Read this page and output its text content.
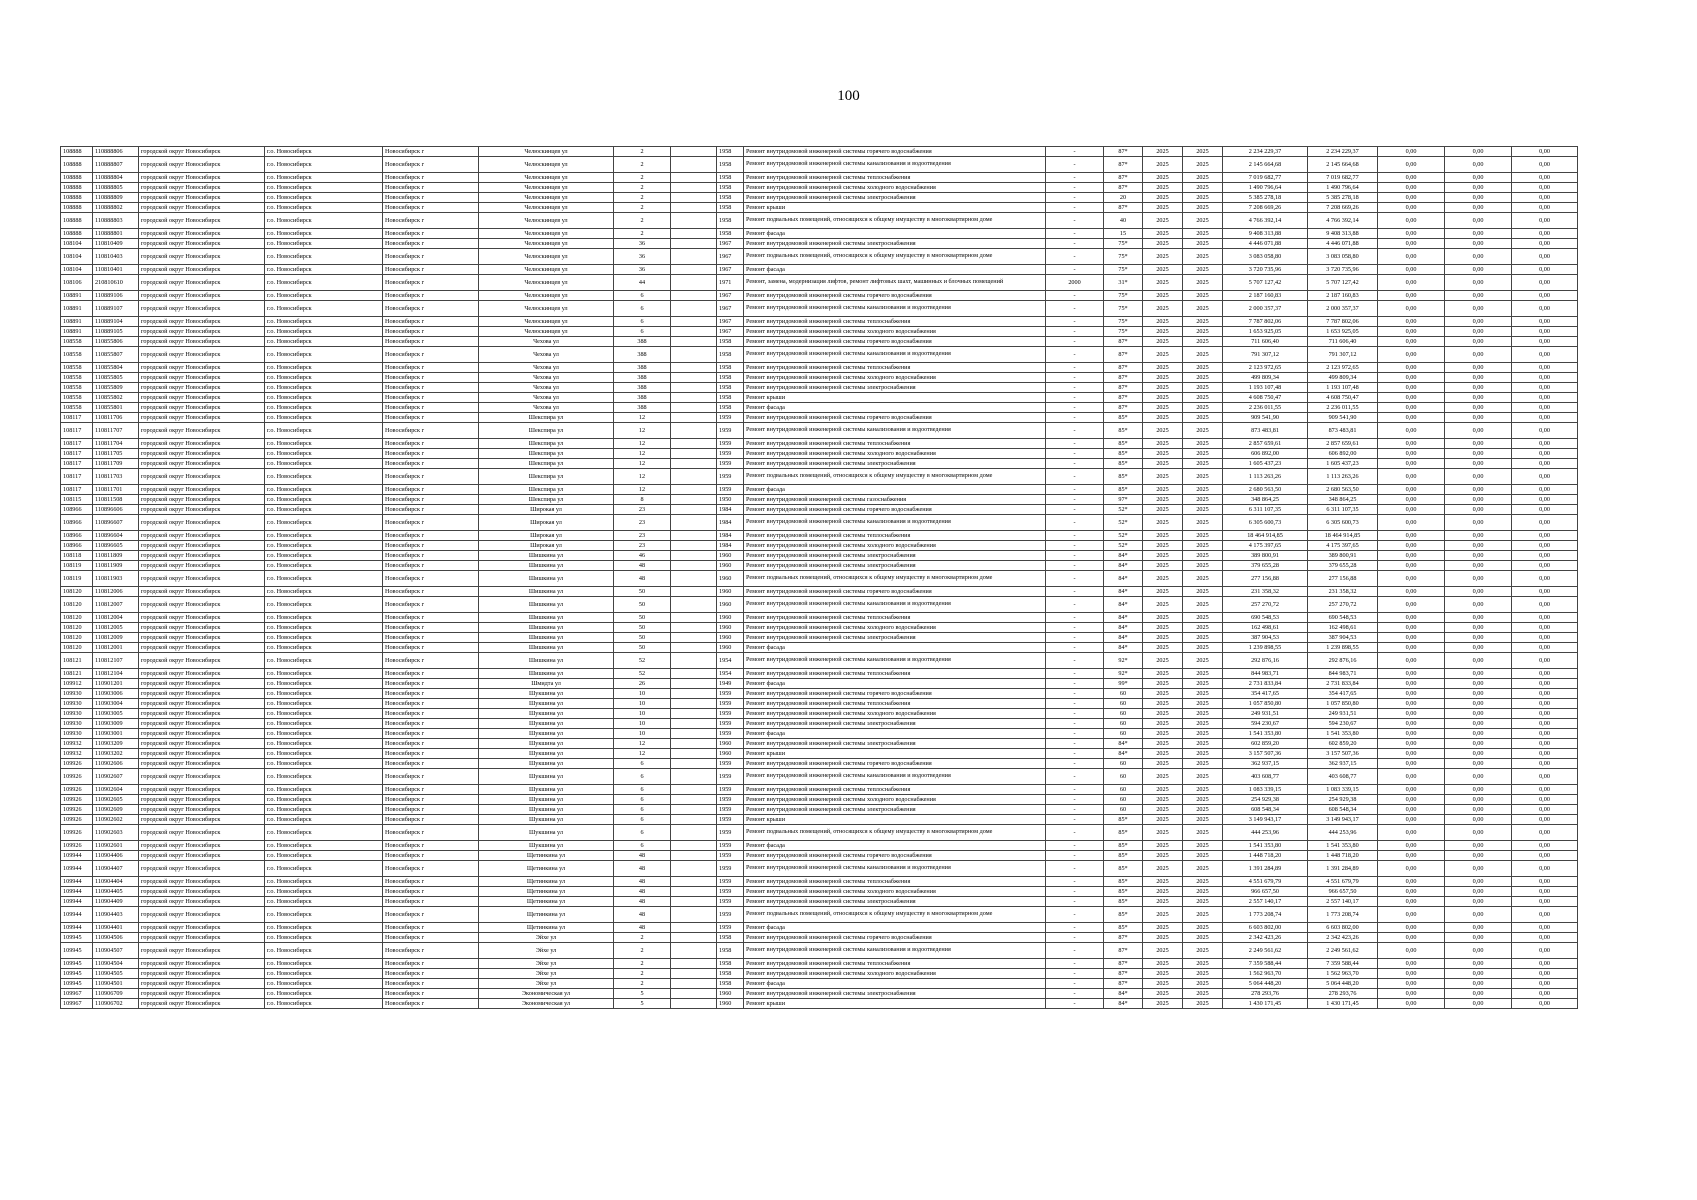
100
108888	110888806	городской округ Новосибирск	г.о. Новосибирск	Новосибирск г	Челюскинцев ул	2		1958	Ремонт внутридомовой инженерной системы горячего водоснабжения	-	87*	2025	2025	2 234 229,37	2 234 229,37	0,00	0,00	0,00
108888	110888807	городской округ Новосибирск	г.о. Новосибирск	Новосибирск г	Челюскинцев ул	2		1958	Ремонт внутридомовой инженерной системы канализования и водоотведения	-	87*	2025	2025	2 145 664,68	2 145 664,68	0,00	0,00	0,00
108888	110888804	городской округ Новосибирск	г.о. Новосибирск	Новосибирск г	Челюскинцев ул	2		1958	Ремонт внутридомовой инженерной системы теплоснабжения	-	87*	2025	2025	7 019 682,77	7 019 682,77	0,00	0,00	0,00
108888	110888805	городской округ Новосибирск	г.о. Новосибирск	Новосибирск г	Челюскинцев ул	2		1958	Ремонт внутридомовой инженерной системы холодного водоснабжения	-	87*	2025	2025	1 490 796,64	1 490 796,64	0,00	0,00	0,00
108888	110888809	городской округ Новосибирск	г.о. Новосибирск	Новосибирск г	Челюскинцев ул	2		1958	Ремонт внутридомовой инженерной системы электроснабжения	-	20	2025	2025	5 385 278,18	5 385 278,18	0,00	0,00	0,00
108888	110888802	городской округ Новосибирск	г.о. Новосибирск	Новосибирск г	Челюскинцев ул	2		1958	Ремонт крыши	-	87*	2025	2025	7 208 669,26	7 208 669,26	0,00	0,00	0,00
108888	110888803	городской округ Новосибирск	г.о. Новосибирск	Новосибирск г	Челюскинцев ул	2		1958	Ремонт подвальных помещений, относящихся к общему имуществу в многоквартирном доме	-	40	2025	2025	4 766 392,14	4 766 392,14	0,00	0,00	0,00
108888	110888801	городской округ Новосибирск	г.о. Новосибирск	Новосибирск г	Челюскинцев ул	2		1958	Ремонт фасада	-	15	2025	2025	9 408 313,88	9 408 313,88	0,00	0,00	0,00
108104	110810409	городской округ Новосибирск	г.о. Новосибирск	Новосибирск г	Челюскинцев ул	36		1967	Ремонт внутридомовой инженерной системы электроснабжения	-	75*	2025	2025	4 446 071,88	4 446 071,88	0,00	0,00	0,00
108104	110810403	городской округ Новосибирск	г.о. Новосибирск	Новосибирск г	Челюскинцев ул	36		1967	Ремонт подвальных помещений, относящихся к общему имуществу в многоквартирном доме	-	75*	2025	2025	3 083 058,80	3 083 058,80	0,00	0,00	0,00
108104	110810401	городской округ Новосибирск	г.о. Новосибирск	Новосибирск г	Челюскинцев ул	36		1967	Ремонт фасада	-	75*	2025	2025	3 720 735,96	3 720 735,96	0,00	0,00	0,00
108106	210810610	городской округ Новосибирск	г.о. Новосибирск	Новосибирск г	Челюскинцев ул	44		1971	Ремонт, замена, модернизация лифтов, ремонт лифтовых шахт, машинных и блочных помещений	2000	31*	2025	2025	5 707 127,42	5 707 127,42	0,00	0,00	0,00
108891	110889106	городской округ Новосибирск	г.о. Новосибирск	Новосибирск г	Челюскинцев ул	6		1967	Ремонт внутридомовой инженерной системы горячего водоснабжения	-	75*	2025	2025	2 187 160,83	2 187 160,83	0,00	0,00	0,00
108891	110889107	городской округ Новосибирск	г.о. Новосибирск	Новосибирск г	Челюскинцев ул	6		1967	Ремонт внутридомовой инженерной системы канализования и водоотведения	-	75*	2025	2025	2 000 357,37	2 000 357,37	0,00	0,00	0,00
108891	110889104	городской округ Новосибирск	г.о. Новосибирск	Новосибирск г	Челюскинцев ул	6		1967	Ремонт внутридомовой инженерной системы теплоснабжения	-	75*	2025	2025	7 787 802,06	7 787 802,06	0,00	0,00	0,00
108891	110889105	городской округ Новосибирск	г.о. Новосибирск	Новосибирск г	Челюскинцев ул	6		1967	Ремонт внутридомовой инженерной системы холодного водоснабжения	-	75*	2025	2025	1 653 925,05	1 653 925,05	0,00	0,00	0,00
108558	110855806	городской округ Новосибирск	г.о. Новосибирск	Новосибирск г	Чехова ул	388		1958	Ремонт внутридомовой инженерной системы горячего водоснабжения	-	87*	2025	2025	711 606,40	711 606,40	0,00	0,00	0,00
108558	110855807	городской округ Новосибирск	г.о. Новосибирск	Новосибирск г	Чехова ул	388		1958	Ремонт внутридомовой инженерной системы канализования и водоотведения	-	87*	2025	2025	791 307,12	791 307,12	0,00	0,00	0,00
108558	110855804	городской округ Новосибирск	г.о. Новосибирск	Новосибирск г	Чехова ул	388		1958	Ремонт внутридомовой инженерной системы теплоснабжения	-	87*	2025	2025	2 123 972,65	2 123 972,65	0,00	0,00	0,00
108558	110855805	городской округ Новосибирск	г.о. Новосибирск	Новосибирск г	Чехова ул	388		1958	Ремонт внутридомовой инженерной системы холодного водоснабжения	-	87*	2025	2025	499 809,34	499 809,34	0,00	0,00	0,00
108558	110855809	городской округ Новосибирск	г.о. Новосибирск	Новосибирск г	Чехова ул	388		1958	Ремонт внутридомовой инженерной системы электроснабжения	-	87*	2025	2025	1 193 107,48	1 193 107,48	0,00	0,00	0,00
108558	110855802	городской округ Новосибирск	г.о. Новосибирск	Новосибирск г	Чехова ул	388		1958	Ремонт крыши	-	87*	2025	2025	4 608 750,47	4 608 750,47	0,00	0,00	0,00
108558	110855801	городской округ Новосибирск	г.о. Новосибирск	Новосибирск г	Чехова ул	388		1958	Ремонт фасада	-	87*	2025	2025	2 236 011,55	2 236 011,55	0,00	0,00	0,00
108117	110811706	городской округ Новосибирск	г.о. Новосибирск	Новосибирск г	Шекспира ул	12		1959	Ремонт внутридомовой инженерной системы горячего водоснабжения	-	85*	2025	2025	909 541,90	909 541,90	0,00	0,00	0,00
108117	110811707	городской округ Новосибирск	г.о. Новосибирск	Новосибирск г	Шекспира ул	12		1959	Ремонт внутридомовой инженерной системы канализования и водоотведения	-	85*	2025	2025	873 483,81	873 483,81	0,00	0,00	0,00
108117	110811704	городской округ Новосибирск	г.о. Новосибирск	Новосибирск г	Шекспира ул	12		1959	Ремонт внутридомовой инженерной системы теплоснабжения	-	85*	2025	2025	2 857 659,61	2 857 659,61	0,00	0,00	0,00
108117	110811705	городской округ Новосибирск	г.о. Новосибирск	Новосибирск г	Шекспира ул	12		1959	Ремонт внутридомовой инженерной системы холодного водоснабжения	-	85*	2025	2025	606 892,00	606 892,00	0,00	0,00	0,00
108117	110811709	городской округ Новосибирск	г.о. Новосибирск	Новосибирск г	Шекспира ул	12		1959	Ремонт внутридомовой инженерной системы электроснабжения	-	85*	2025	2025	1 605 437,23	1 605 437,23	0,00	0,00	0,00
108117	110811703	городской округ Новосибирск	г.о. Новосибирск	Новосибирск г	Шекспира ул	12		1959	Ремонт подвальных помещений, относящихся к общему имуществу в многоквартирном доме	-	85*	2025	2025	1 113 263,26	1 113 263,26	0,00	0,00	0,00
108117	110811701	городской округ Новосибирск	г.о. Новосибирск	Новосибирск г	Шекспира ул	12		1959	Ремонт фасада	-	85*	2025	2025	2 680 563,50	2 680 563,50	0,00	0,00	0,00
108115	110811508	городской округ Новосибирск	г.о. Новосибирск	Новосибирск г	Шекспира ул	8		1950	Ремонт внутридомовой инженерной системы газоснабжения	-	97*	2025	2025	348 864,25	348 864,25	0,00	0,00	0,00
108966	110896606	городской округ Новосибирск	г.о. Новосибирск	Новосибирск г	Широкая ул	23		1984	Ремонт внутридомовой инженерной системы горячего водоснабжения	-	52*	2025	2025	6 311 107,35	6 311 107,35	0,00	0,00	0,00
108966	110896607	городской округ Новосибирск	г.о. Новосибирск	Новосибирск г	Широкая ул	23		1984	Ремонт внутридомовой инженерной системы канализования и водоотведения	-	52*	2025	2025	6 305 600,73	6 305 600,73	0,00	0,00	0,00
108966	110896604	городской округ Новосибирск	г.о. Новосибирск	Новосибирск г	Широкая ул	23		1984	Ремонт внутридомовой инженерной системы теплоснабжения	-	52*	2025	2025	18 464 914,85	18 464 914,85	0,00	0,00	0,00
108966	110896605	городской округ Новосибирск	г.о. Новосибирск	Новосибирск г	Широкая ул	23		1984	Ремонт внутридомовой инженерной системы холодного водоснабжения	-	52*	2025	2025	4 175 397,65	4 175 397,65	0,00	0,00	0,00
108118	110811809	городской округ Новосибирск	г.о. Новосибирск	Новосибирск г	Шишкина ул	46		1960	Ремонт внутридомовой инженерной системы электроснабжения	-	84*	2025	2025	389 800,91	389 800,91	0,00	0,00	0,00
108119	110811909	городской округ Новосибирск	г.о. Новосибирск	Новосибирск г	Шишкина ул	48		1960	Ремонт внутридомовой инженерной системы электроснабжения	-	84*	2025	2025	379 655,28	379 655,28	0,00	0,00	0,00
108119	110811903	городской округ Новосибирск	г.о. Новосибирск	Новосибирск г	Шишкина ул	48		1960	Ремонт подвальных помещений, относящихся к общему имуществу в многоквартирном доме	-	84*	2025	2025	277 156,88	277 156,88	0,00	0,00	0,00
108120	110812006	городской округ Новосибирск	г.о. Новосибирск	Новосибирск г	Шишкина ул	50		1960	Ремонт внутридомовой инженерной системы горячего водоснабжения	-	84*	2025	2025	231 358,32	231 358,32	0,00	0,00	0,00
108120	110812007	городской округ Новосибирск	г.о. Новосибирск	Новосибирск г	Шишкина ул	50		1960	Ремонт внутридомовой инженерной системы канализования и водоотведения	-	84*	2025	2025	257 270,72	257 270,72	0,00	0,00	0,00
108120	110812004	городской округ Новосибирск	г.о. Новосибирск	Новосибирск г	Шишкина ул	50		1960	Ремонт внутридомовой инженерной системы теплоснабжения	-	84*	2025	2025	690 548,53	690 548,53	0,00	0,00	0,00
108120	110812005	городской округ Новосибирск	г.о. Новосибирск	Новосибирск г	Шишкина ул	50		1960	Ремонт внутридомовой инженерной системы холодного водоснабжения	-	84*	2025	2025	162 498,61	162 498,61	0,00	0,00	0,00
108120	110812009	городской округ Новосибирск	г.о. Новосибирск	Новосибирск г	Шишкина ул	50		1960	Ремонт внутридомовой инженерной системы электроснабжения	-	84*	2025	2025	387 904,53	387 904,53	0,00	0,00	0,00
108120	110812001	городской округ Новосибирск	г.о. Новосибирск	Новосибирск г	Шишкина ул	50		1960	Ремонт фасада	-	84*	2025	2025	1 239 898,55	1 239 898,55	0,00	0,00	0,00
108121	110812107	городской округ Новосибирск	г.о. Новосибирск	Новосибирск г	Шишкина ул	52		1954	Ремонт внутридомовой инженерной системы канализования и водоотведения	-	92*	2025	2025	292 876,16	292 876,16	0,00	0,00	0,00
108121	110812104	городской округ Новосибирск	г.о. Новосибирск	Новосибирск г	Шишкина ул	52		1954	Ремонт внутридомовой инженерной системы теплоснабжения	-	92*	2025	2025	844 983,71	844 983,71	0,00	0,00	0,00
109912	110901201	городской округ Новосибирск	г.о. Новосибирск	Новосибирск г	Шмидта ул	26		1949	Ремонт фасада	-	99*	2025	2025	2 731 833,84	2 731 833,84	0,00	0,00	0,00
109930	110903006	городской округ Новосибирск	г.о. Новосибирск	Новосибирск г	Шукшина ул	10		1959	Ремонт внутридомовой инженерной системы горячего водоснабжения	-	60	2025	2025	354 417,65	354 417,65	0,00	0,00	0,00
109930	110903004	городской округ Новосибирск	г.о. Новосибирск	Новосибирск г	Шукшина ул	10		1959	Ремонт внутридомовой инженерной системы теплоснабжения	-	60	2025	2025	1 057 850,80	1 057 850,80	0,00	0,00	0,00
109930	110903005	городской округ Новосибирск	г.о. Новосибирск	Новосибирск г	Шукшина ул	10		1959	Ремонт внутридомовой инженерной системы холодного водоснабжения	-	60	2025	2025	249 931,51	249 931,51	0,00	0,00	0,00
109930	110903009	городской округ Новосибирск	г.о. Новосибирск	Новосибирск г	Шукшина ул	10		1959	Ремонт внутридомовой инженерной системы электроснабжения	-	60	2025	2025	594 230,67	594 230,67	0,00	0,00	0,00
109930	110903001	городской округ Новосибирск	г.о. Новосибирск	Новосибирск г	Шукшина ул	10		1959	Ремонт фасада	-	60	2025	2025	1 541 353,80	1 541 353,80	0,00	0,00	0,00
109932	110903209	городской округ Новосибирск	г.о. Новосибирск	Новосибирск г	Шукшина ул	12		1960	Ремонт внутридомовой инженерной системы электроснабжения	-	84*	2025	2025	602 859,20	602 859,20	0,00	0,00	0,00
109932	110903202	городской округ Новосибирск	г.о. Новосибирск	Новосибирск г	Шукшина ул	12		1960	Ремонт крыши	-	84*	2025	2025	3 157 507,36	3 157 507,36	0,00	0,00	0,00
109926	110902606	городской округ Новосибирск	г.о. Новосибирск	Новосибирск г	Шукшина ул	6		1959	Ремонт внутридомовой инженерной системы горячего водоснабжения	-	60	2025	2025	362 937,15	362 937,15	0,00	0,00	0,00
109926	110902607	городской округ Новосибирск	г.о. Новосибирск	Новосибирск г	Шукшина ул	6		1959	Ремонт внутридомовой инженерной системы канализования и водоотведения	-	60	2025	2025	403 608,77	403 608,77	0,00	0,00	0,00
109926	110902604	городской округ Новосибирск	г.о. Новосибирск	Новосибирск г	Шукшина ул	6		1959	Ремонт внутридомовой инженерной системы теплоснабжения	-	60	2025	2025	1 083 339,15	1 083 339,15	0,00	0,00	0,00
109926	110902605	городской округ Новосибирск	г.о. Новосибирск	Новосибирск г	Шукшина ул	6		1959	Ремонт внутридомовой инженерной системы холодного водоснабжения	-	60	2025	2025	254 929,38	254 929,38	0,00	0,00	0,00
109926	110902609	городской округ Новосибирск	г.о. Новосибирск	Новосибирск г	Шукшина ул	6		1959	Ремонт внутридомовой инженерной системы электроснабжения	-	60	2025	2025	608 548,34	608 548,34	0,00	0,00	0,00
109926	110902602	городской округ Новосибирск	г.о. Новосибирск	Новосибирск г	Шукшина ул	6		1959	Ремонт крыши	-	85*	2025	2025	3 149 943,17	3 149 943,17	0,00	0,00	0,00
109926	110902603	городской округ Новосибирск	г.о. Новосибирск	Новосибирск г	Шукшина ул	6		1959	Ремонт подвальных помещений, относящихся к общему имуществу в многоквартирном доме	-	85*	2025	2025	444 253,96	444 253,96	0,00	0,00	0,00
109926	110902601	городской округ Новосибирск	г.о. Новосибирск	Новосибирск г	Шукшина ул	6		1959	Ремонт фасада	-	85*	2025	2025	1 541 353,80	1 541 353,80	0,00	0,00	0,00
109944	110904406	городской округ Новосибирск	г.о. Новосибирск	Новосибирск г	Щетинкина ул	48		1959	Ремонт внутридомовой инженерной системы горячего водоснабжения	-	85*	2025	2025	1 448 718,20	1 448 718,20	0,00	0,00	0,00
109944	110904407	городской округ Новосибирск	г.о. Новосибирск	Новосибирск г	Щетинкина ул	48		1959	Ремонт внутридомовой инженерной системы канализования и водоотведения	-	85*	2025	2025	1 391 284,89	1 391 284,89	0,00	0,00	0,00
109944	110904404	городской округ Новосибирск	г.о. Новосибирск	Новосибирск г	Щетинкина ул	48		1959	Ремонт внутридомовой инженерной системы теплоснабжения	-	85*	2025	2025	4 551 679,79	4 551 679,79	0,00	0,00	0,00
109944	110904405	городской округ Новосибирск	г.о. Новосибирск	Новосибирск г	Щетинкина ул	48		1959	Ремонт внутридомовой инженерной системы холодного водоснабжения	-	85*	2025	2025	966 657,50	966 657,50	0,00	0,00	0,00
109944	110904409	городской округ Новосибирск	г.о. Новосибирск	Новосибирск г	Щетинкина ул	48		1959	Ремонт внутридомовой инженерной системы электроснабжения	-	85*	2025	2025	2 557 140,17	2 557 140,17	0,00	0,00	0,00
109944	110904403	городской округ Новосибирск	г.о. Новосибирск	Новосибирск г	Щетинкина ул	48		1959	Ремонт подвальных помещений, относящихся к общему имуществу в многоквартирном доме	-	85*	2025	2025	1 773 208,74	1 773 208,74	0,00	0,00	0,00
109944	110904401	городской округ Новосибирск	г.о. Новосибирск	Новосибирск г	Щетинкина ул	48		1959	Ремонт фасада	-	85*	2025	2025	6 603 802,00	6 603 802,00	0,00	0,00	0,00
109945	110904506	городской округ Новосибирск	г.о. Новосибирск	Новосибирск г	Эйхе ул	2		1958	Ремонт внутридомовой инженерной системы горячего водоснабжения	-	87*	2025	2025	2 342 423,26	2 342 423,26	0,00	0,00	0,00
109945	110904507	городской округ Новосибирск	г.о. Новосибирск	Новосибирск г	Эйхе ул	2		1958	Ремонт внутридомовой инженерной системы канализования и водоотведения	-	87*	2025	2025	2 249 561,62	2 249 561,62	0,00	0,00	0,00
109945	110904504	городской округ Новосибирск	г.о. Новосибирск	Новосибирск г	Эйхе ул	2		1958	Ремонт внутридомовой инженерной системы теплоснабжения	-	87*	2025	2025	7 359 588,44	7 359 588,44	0,00	0,00	0,00
109945	110904505	городской округ Новосибирск	г.о. Новосибирск	Новосибирск г	Эйхе ул	2		1958	Ремонт внутридомовой инженерной системы холодного водоснабжения	-	87*	2025	2025	1 562 963,70	1 562 963,70	0,00	0,00	0,00
109945	110904501	городской округ Новосибирск	г.о. Новосибирск	Новосибирск г	Эйхе ул	2		1958	Ремонт фасада	-	87*	2025	2025	5 064 448,20	5 064 448,20	0,00	0,00	0,00
109967	110906709	городской округ Новосибирск	г.о. Новосибирск	Новосибирск г	Экономическая ул	5		1960	Ремонт внутридомовой инженерной системы электроснабжения	-	84*	2025	2025	278 293,76	278 293,76	0,00	0,00	0,00
109967	110906702	городской округ Новосибирск	г.о. Новосибирск	Новосибирск г	Экономическая ул	5		1960	Ремонт крыши	-	84*	2025	2025	1 430 171,45	1 430 171,45	0,00	0,00	0,00
